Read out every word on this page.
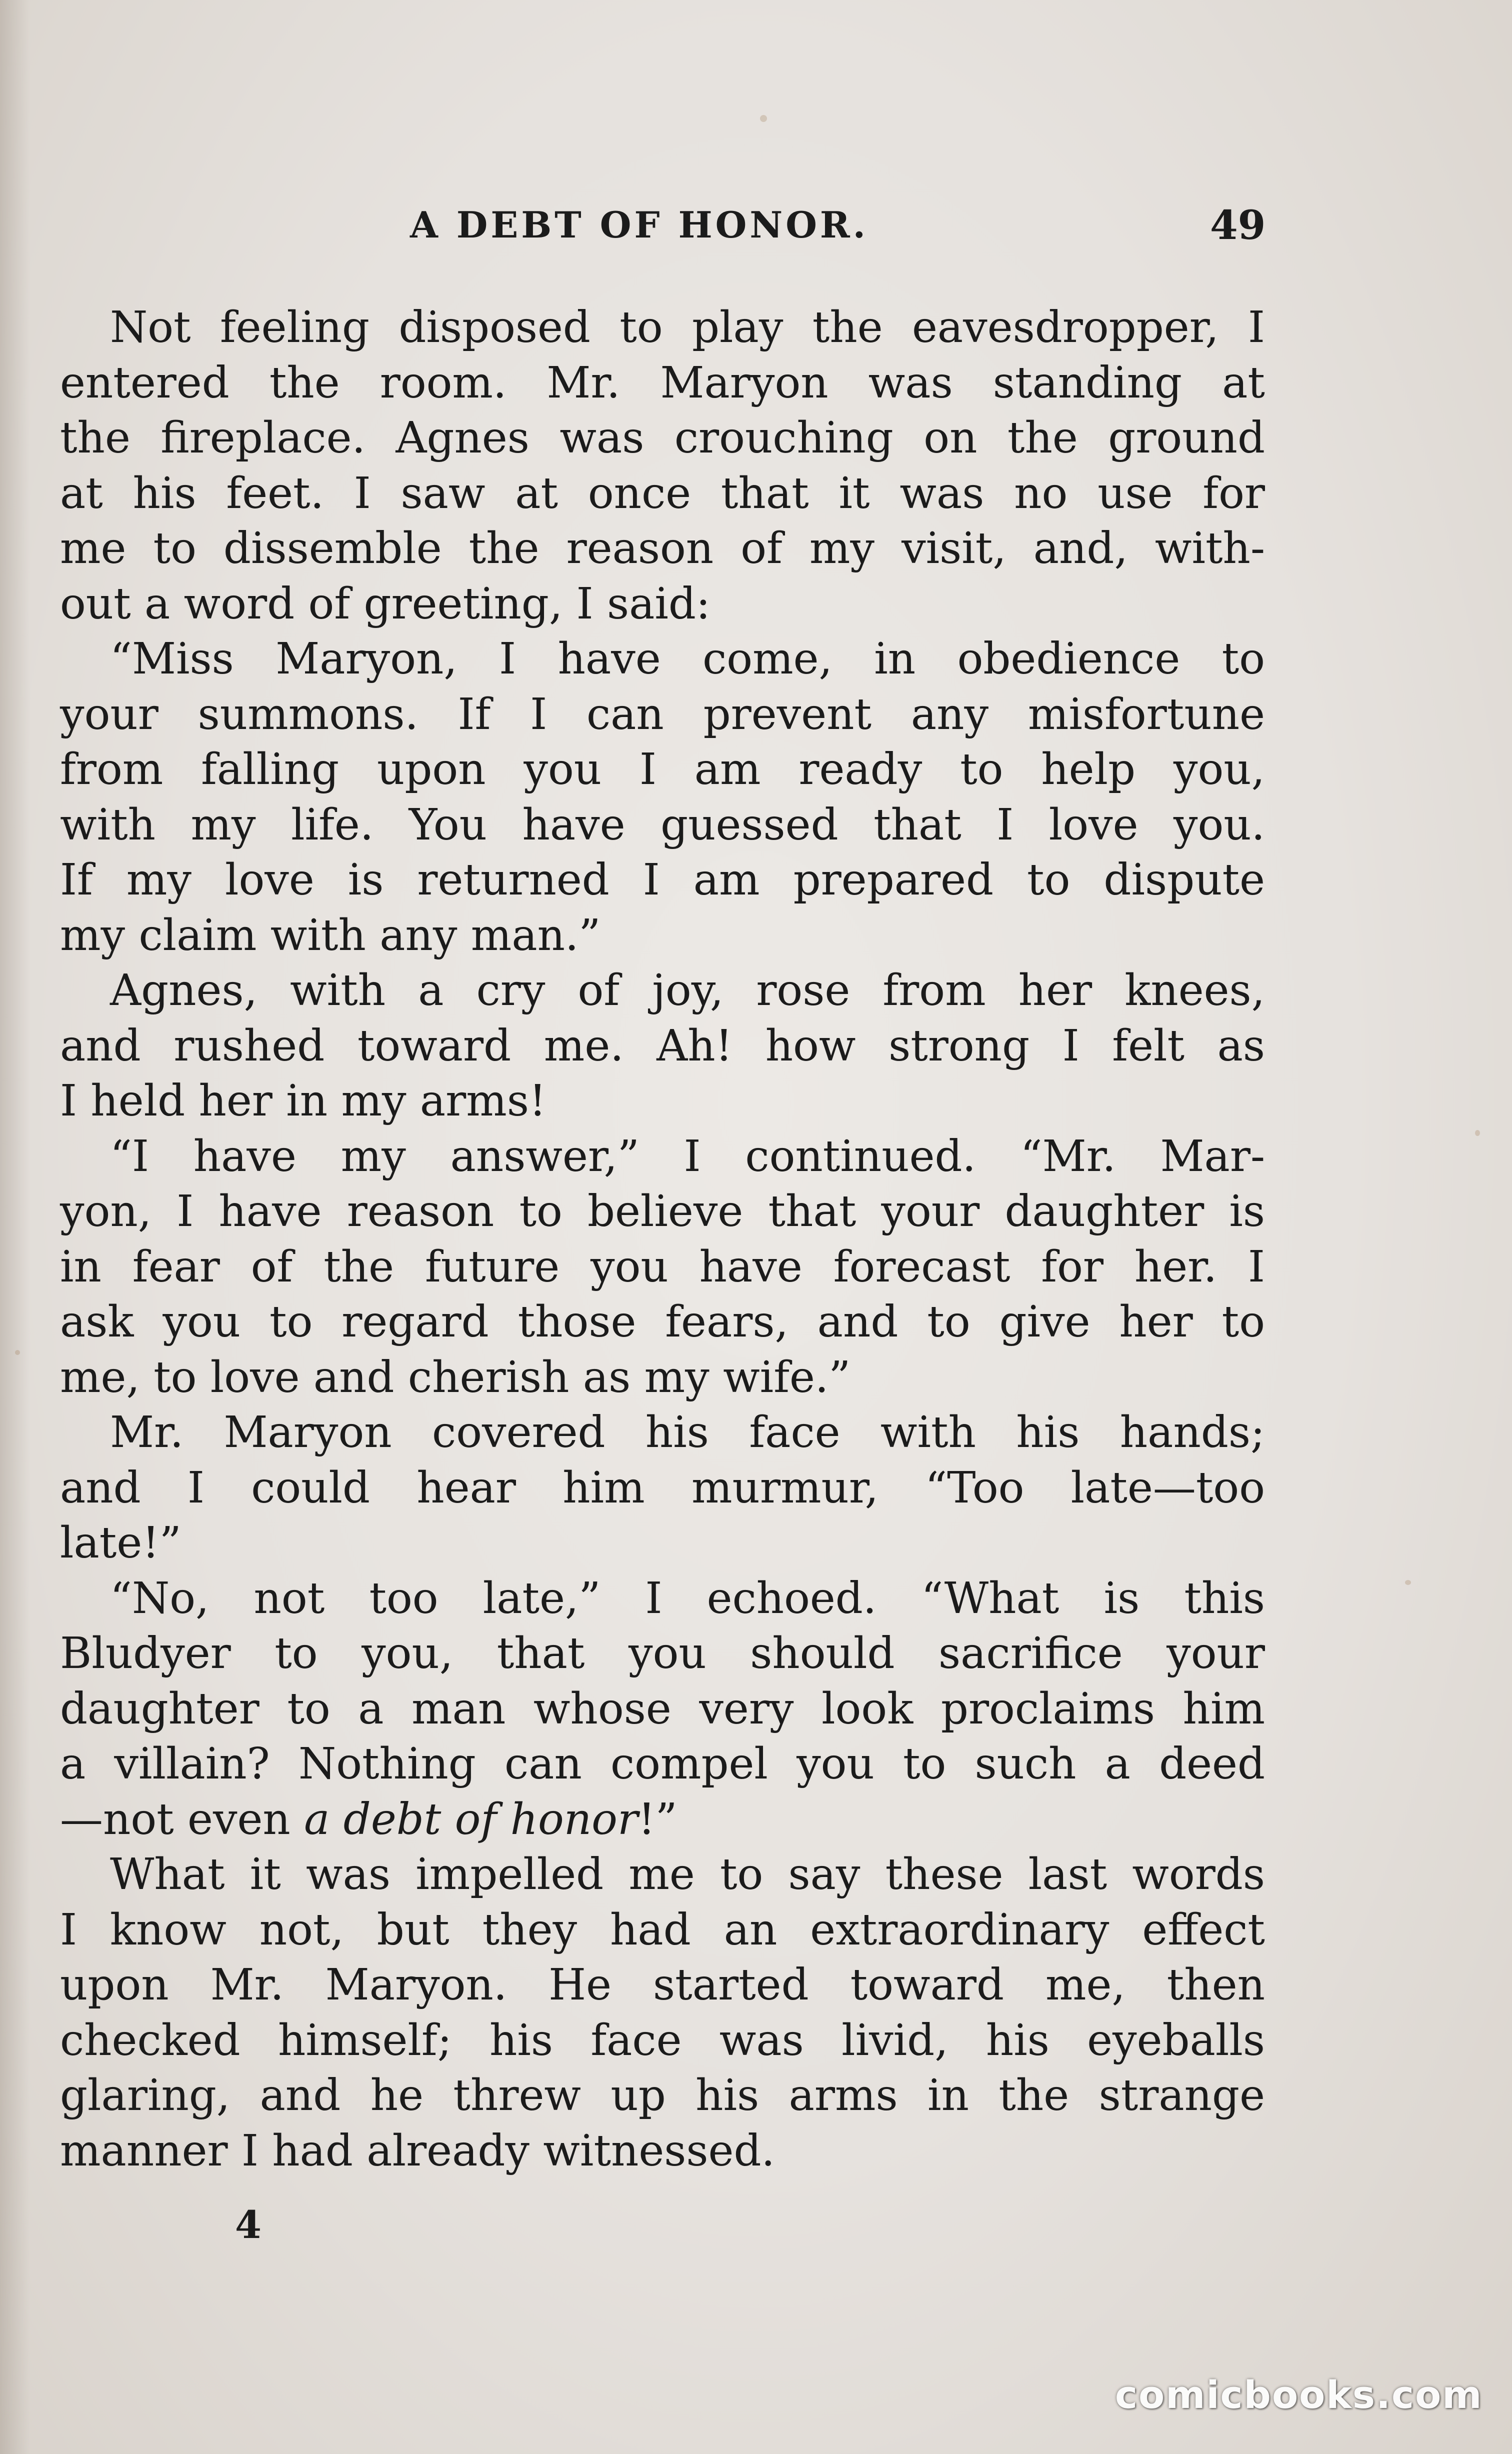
A DEBT OF HONOR.	49
Not feeling disposed to play the eavesdropper, I
entered the room. Mr. Maryon was standing at
the fireplace. Agnes was crouching on the ground
at his feet. I saw at once that it was no use for
me to dissemble the reason of my visit, and, with-
out a word of greeting, I said:
“Miss Maryon, I have come, in obedience to
your summons. If I can prevent any misfortune
from falling upon you I am ready to help you,
with my life. You have guessed that I love you.
If my love is returned I am prepared to dispute
my claim with any man.”
Agnes, with a cry of joy, rose from her knees,
and rushed toward me. Ah! how strong I felt as
I held her in my arms!
“I have my answer,” I continued. “Mr. Mar-
yon, I have reason to believe that your daughter is
in fear of the future you have forecast for her. I
ask you to regard those fears, and to give her to
me, to love and cherish as my wife.”
Mr. Maryon covered his face with his hands;
and I could hear him murmur, “Too late—too
late!”
“No, not too late,” I echoed. “What is this
Bludyer to you, that you should sacrifice your
daughter to a man whose very look proclaims him
a villain? Nothing can compel you to such a deed
—not even a debt of honor!”
What it was impelled me to say these last words
I know not, but they had an extraordinary effect
upon Mr. Maryon. He started toward me, then
checked himself; his face was livid, his eyeballs
glaring, and he threw up his arms in the strange
manner I had already witnessed.
4
comicbooks.com
